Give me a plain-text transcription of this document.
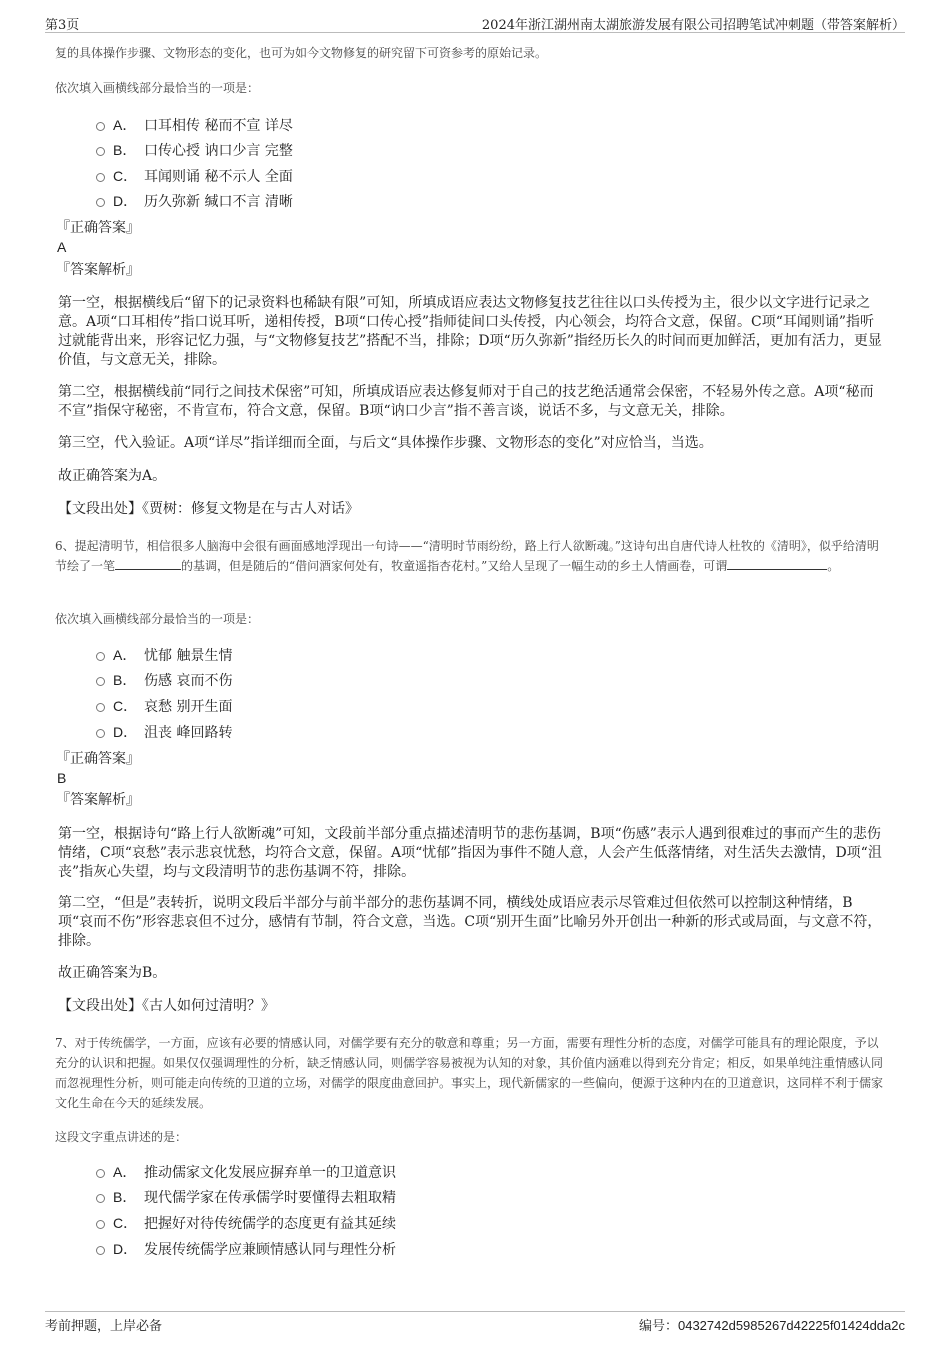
第3页	2024年浙江湖州南太湖旅游发展有限公司招聘笔试冲刺题（带答案解析）
复的具体操作步骤、文物形态的变化，也可为如今文物修复的研究留下可资参考的原始记录。
依次填入画横线部分最恰当的一项是：
A． 口耳相传 秘而不宣 详尽
B． 口传心授 讷口少言 完整
C． 耳闻则诵 秘不示人 全面
D． 历久弥新 缄口不言 清晰
『正确答案』
A
『答案解析』
第一空，根据横线后“留下的记录资料也稀缺有限”可知，所填成语应表达文物修复技艺往往以口头传授为主，很少以文字进行记录之意。A项“口耳相传”指口说耳听，递相传授，B项“口传心授”指师徒间口头传授，内心领会，均符合文意，保留。C项“耳闻则诵”指听过就能背出来，形容记忆力强，与“文物修复技艺”搭配不当，排除；D项“历久弥新”指经历长久的时间而更加鲜活，更加有活力，更显价值，与文意无关，排除。
第二空，根据横线前“同行之间技术保密”可知，所填成语应表达修复师对于自己的技艺绝活通常会保密，不轻易外传之意。A项“秘而不宣”指保守秘密，不肯宣布，符合文意，保留。B项“讷口少言”指不善言谈，说话不多，与文意无关，排除。
第三空，代入验证。A项“详尽”指详细而全面，与后文“具体操作步骤、文物形态的变化”对应恰当，当选。
故正确答案为A。
【文段出处】《贾树：修复文物是在与古人对话》
6、提起清明节，相信很多人脑海中会很有画面感地浮现出一句诗——“清明时节雨纷纷，路上行人欲断魂。”这诗句出自唐代诗人杜牧的《清明》，似乎给清明节绘了一笔	的基调，但是随后的“借问酒家何处有，牧童遥指杏花村。”又给人呈现了一幅生动的乡土人情画卷，可谓	。
依次填入画横线部分最恰当的一项是：
A． 忧郁 触景生情
B． 伤感 哀而不伤
C． 哀愁 别开生面
D． 沮丧 峰回路转
『正确答案』
B
『答案解析』
第一空，根据诗句“路上行人欲断魂”可知，文段前半部分重点描述清明节的悲伤基调，B项“伤感”表示人遇到很难过的事而产生的悲伤情绪，C项“哀愁”表示悲哀忧愁，均符合文意，保留。A项“忧郁”指因为事件不随人意，人会产生低落情绪，对生活失去激情，D项“沮丧”指灰心失望，均与文段清明节的悲伤基调不符，排除。
第二空，“但是”表转折，说明文段后半部分与前半部分的悲伤基调不同，横线处成语应表示尽管难过但依然可以控制这种情绪，B项“哀而不伤”形容悲哀但不过分，感情有节制，符合文意，当选。C项“别开生面”比喻另外开创出一种新的形式或局面，与文意不符，排除。
故正确答案为B。
【文段出处】《古人如何过清明？》
7、对于传统儒学，一方面，应该有必要的情感认同，对儒学要有充分的敬意和尊重；另一方面，需要有理性分析的态度，对儒学可能具有的理论限度，予以充分的认识和把握。如果仅仅强调理性的分析，缺乏情感认同，则儒学容易被视为认知的对象，其价值内涵难以得到充分肯定；相反，如果单纯注重情感认同而忽视理性分析，则可能走向传统的卫道的立场，对儒学的限度曲意回护。事实上，现代新儒家的一些偏向，便源于这种内在的卫道意识，这同样不利于儒家文化生命在今天的延续发展。
这段文字重点讲述的是：
A． 推动儒家文化发展应摒弃单一的卫道意识
B． 现代儒学家在传承儒学时要懂得去粗取精
C． 把握好对待传统儒学的态度更有益其延续
D． 发展传统儒学应兼顾情感认同与理性分析
考前押题，上岸必备	编号：0432742d5985267d42225f01424dda2c
